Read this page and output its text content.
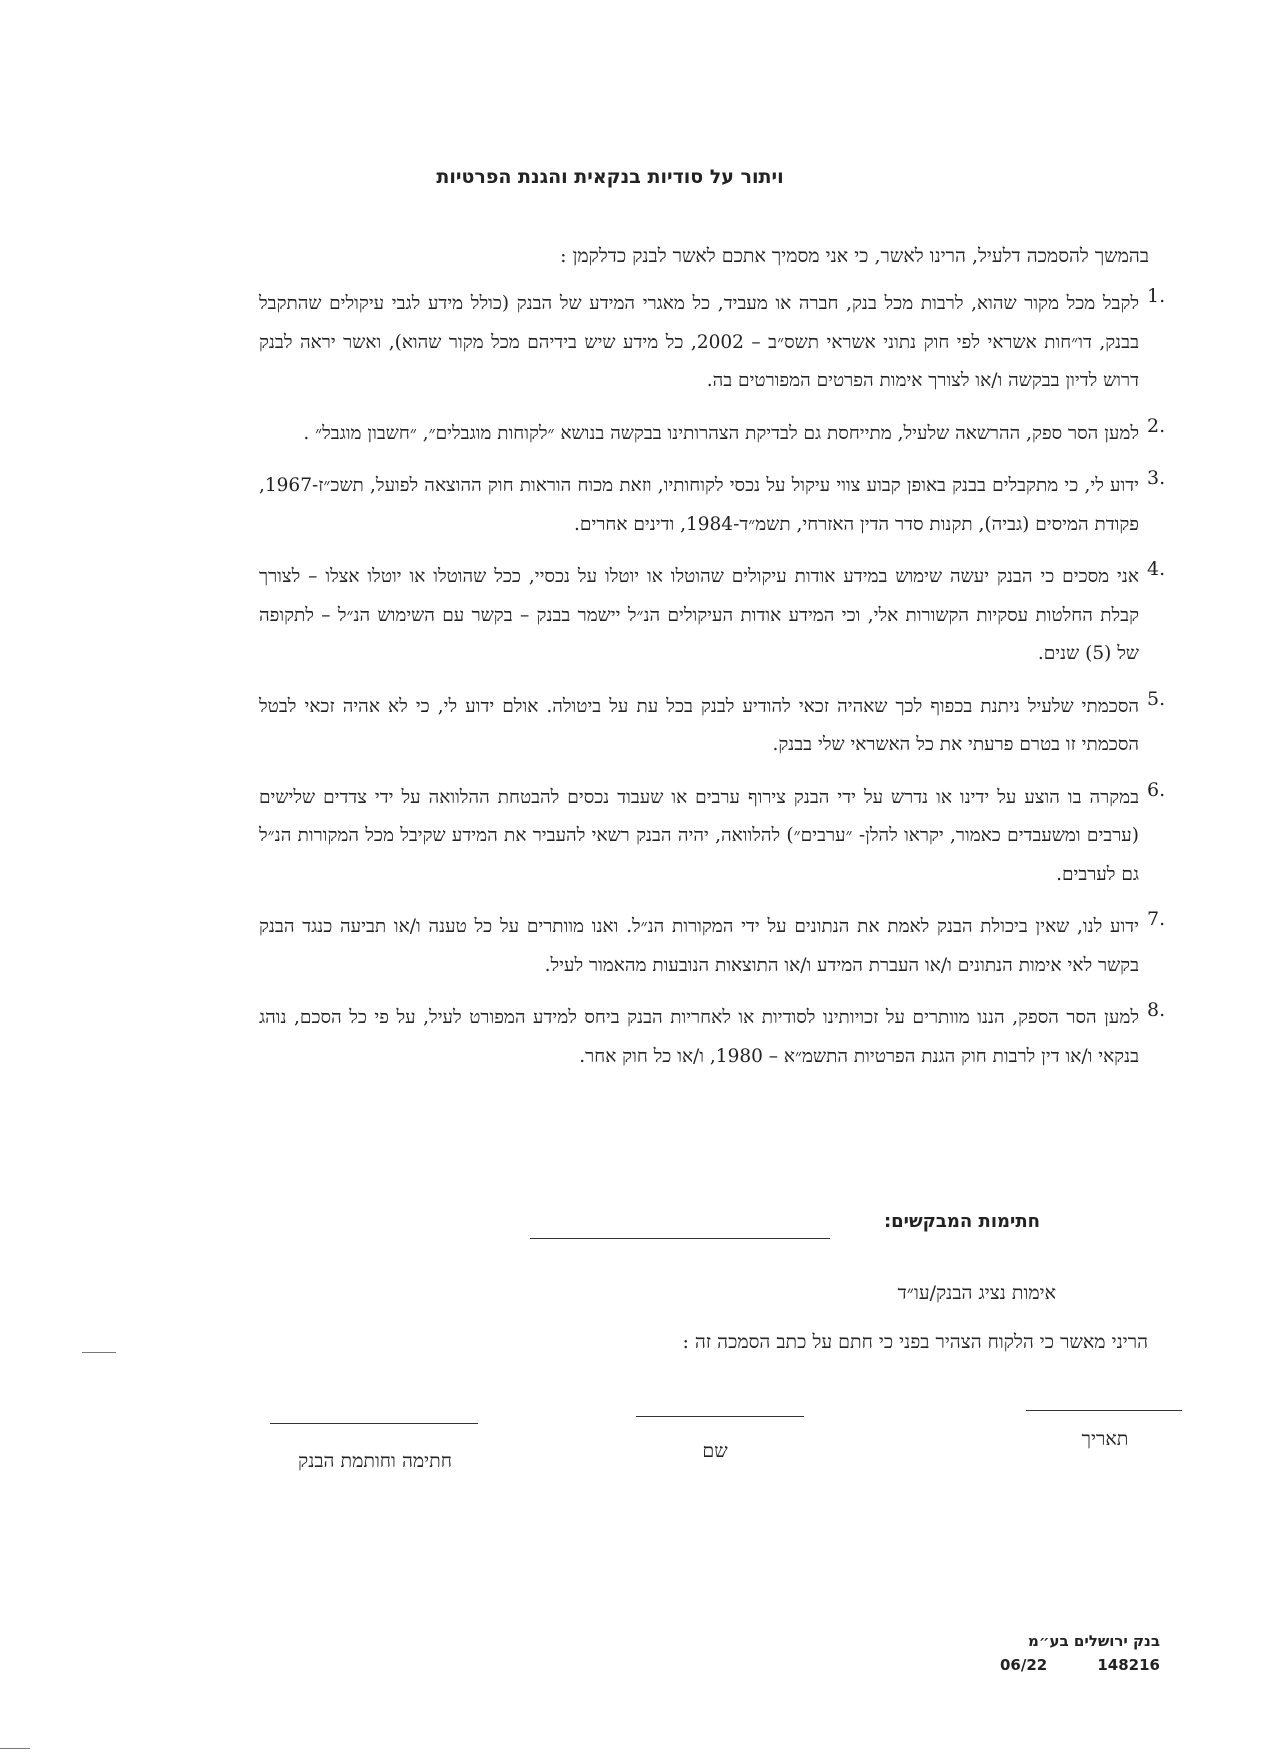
ויתור על סודיות בנקאית והגנת הפרטיות
בהמשך להסמכה דלעיל, הרינו לאשר, כי אני מסמיך אתכם לאשר לבנק כדלקמן :
1.
לקבל מכל מקור שהוא, לרבות מכל בנק, חברה או מעביד, כל מאגרי המידע של הבנק (כולל מידע לגבי עיקולים שהתקבל בבנק, דו״חות אשראי לפי חוק נתוני אשראי תשס״ב – 2002, כל מידע שיש בידיהם מכל מקור שהוא), ואשר יראה לבנק דרוש לדיון בבקשה ו/או לצורך אימות הפרטים המפורטים בה.
2.
למען הסר ספק, ההרשאה שלעיל, מתייחסת גם לבדיקת הצהרותינו בבקשה בנושא ״לקוחות מוגבלים״, ״חשבון מוגבל״ .
3.
ידוע לי, כי מתקבלים בבנק באופן קבוע צווי עיקול על נכסי לקוחותיו, וזאת מכוח הוראות חוק ההוצאה לפועל, תשכ״ז-1967, פקודת המיסים (גביה), תקנות סדר הדין האזרחי, תשמ״ד-1984, ודינים אחרים.
4.
אני מסכים כי הבנק יעשה שימוש במידע אודות עיקולים שהוטלו או יוטלו על נכסיי, ככל שהוטלו או יוטלו אצלו – לצורך קבלת החלטות עסקיות הקשורות אלי, וכי המידע אודות העיקולים הנ״ל יישמר בבנק – בקשר עם השימוש הנ״ל – לתקופה של (5) שנים.
5.
הסכמתי שלעיל ניתנת בכפוף לכך שאהיה זכאי להודיע לבנק בכל עת על ביטולה. אולם ידוע לי, כי לא אהיה זכאי לבטל הסכמתי זו בטרם פרעתי את כל האשראי שלי בבנק.
6.
במקרה בו הוצע על ידינו או נדרש על ידי הבנק צירוף ערבים או שעבוד נכסים להבטחת ההלוואה על ידי צדדים שלישים (ערבים ומשעבדים כאמור, יקראו להלן- ״ערבים״) להלוואה, יהיה הבנק רשאי להעביר את המידע שקיבל מכל המקורות הנ״ל גם לערבים.
7.
ידוע לנו, שאין ביכולת הבנק לאמת את הנתונים על ידי המקורות הנ״ל. ואנו מוותרים על כל טענה ו/או תביעה כנגד הבנק בקשר לאי אימות הנתונים ו/או העברת המידע ו/או התוצאות הנובעות מהאמור לעיל.
8.
למען הסר הספק, הננו מוותרים על זכויותינו לסודיות או לאחריות הבנק ביחס למידע המפורט לעיל, על פי כל הסכם, נוהג בנקאי ו/או דין לרבות חוק הגנת הפרטיות התשמ״א – 1980, ו/או כל חוק אחר.
חתימות המבקשים:
אימות נציג הבנק/עו״ד
הריני מאשר כי הלקוח הצהיר בפני כי חתם על כתב הסמכה זה :
תאריך
שם
חתימה וחותמת הבנק
בנק ירושלים בע״מ
06/22	148216
